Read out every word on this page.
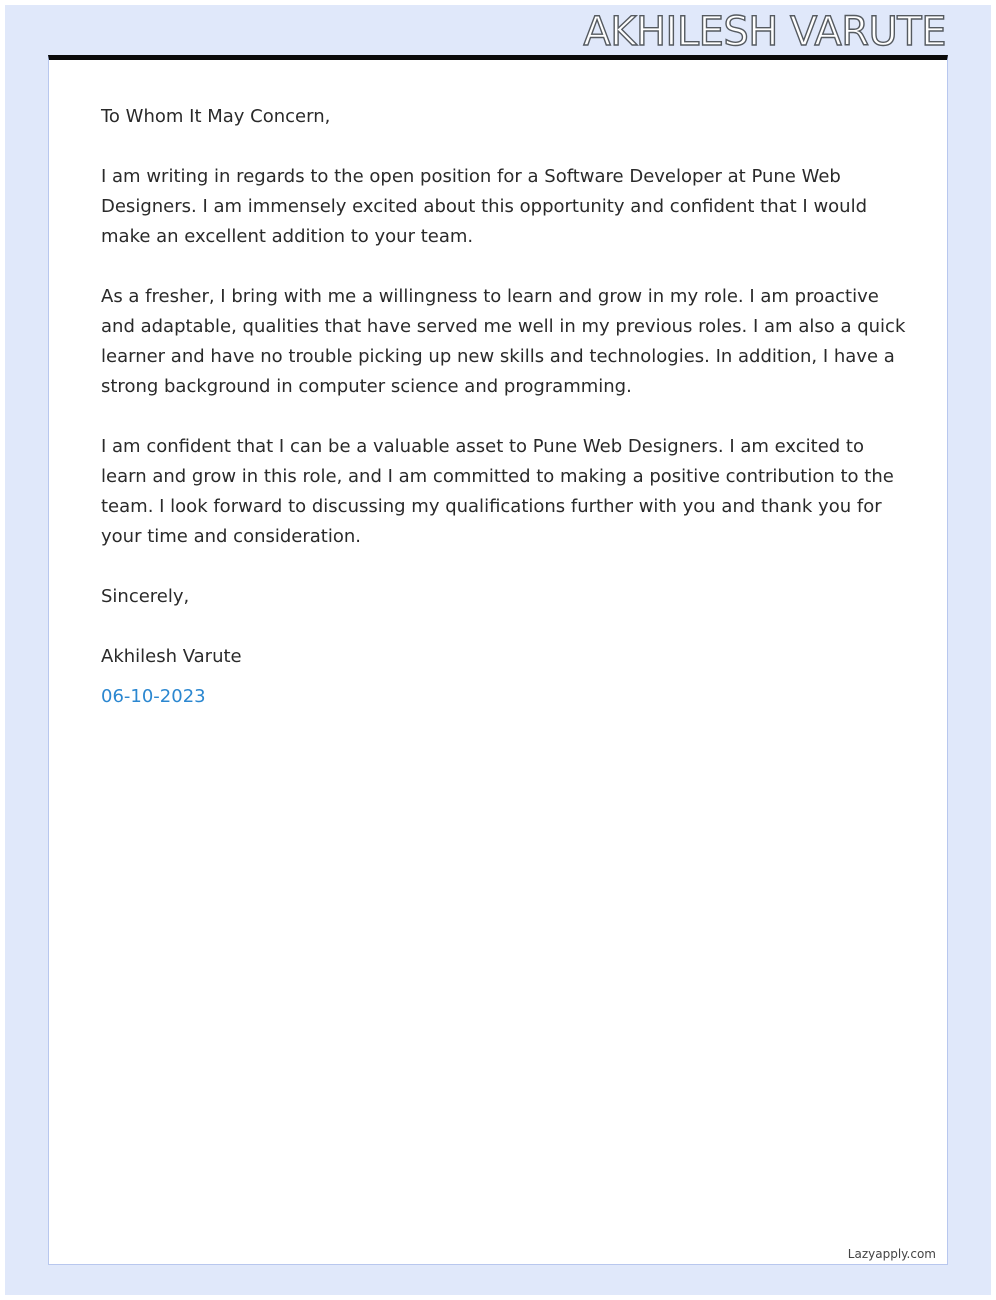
AKHILESH VARUTE

To Whom It May Concern,

I am writing in regards to the open position for a Software Developer at Pune Web Designers. I am immensely excited about this opportunity and confident that I would make an excellent addition to your team.

As a fresher, I bring with me a willingness to learn and grow in my role. I am proactive and adaptable, qualities that have served me well in my previous roles. I am also a quick learner and have no trouble picking up new skills and technologies. In addition, I have a strong background in computer science and programming.

I am confident that I can be a valuable asset to Pune Web Designers. I am excited to learn and grow in this role, and I am committed to making a positive contribution to the team. I look forward to discussing my qualifications further with you and thank you for your time and consideration.

Sincerely,

Akhilesh Varute

06-10-2023

Lazyapply.com
